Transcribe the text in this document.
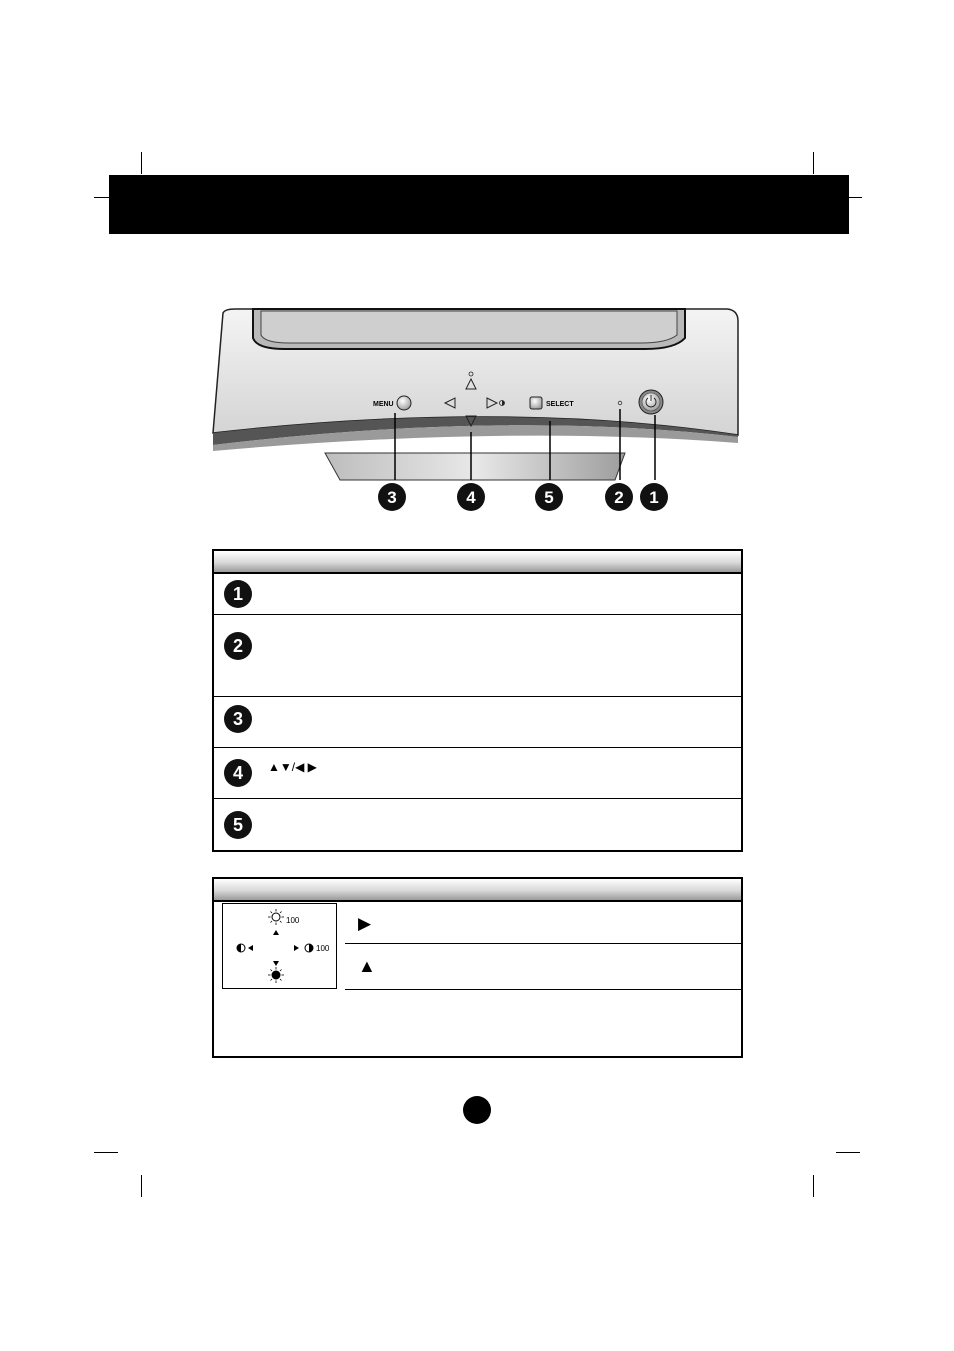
MENU	SELECT
3	4	5	2 1
1
2
3
4	▲▼/◀ ▶
5
100
100
▶
▲
